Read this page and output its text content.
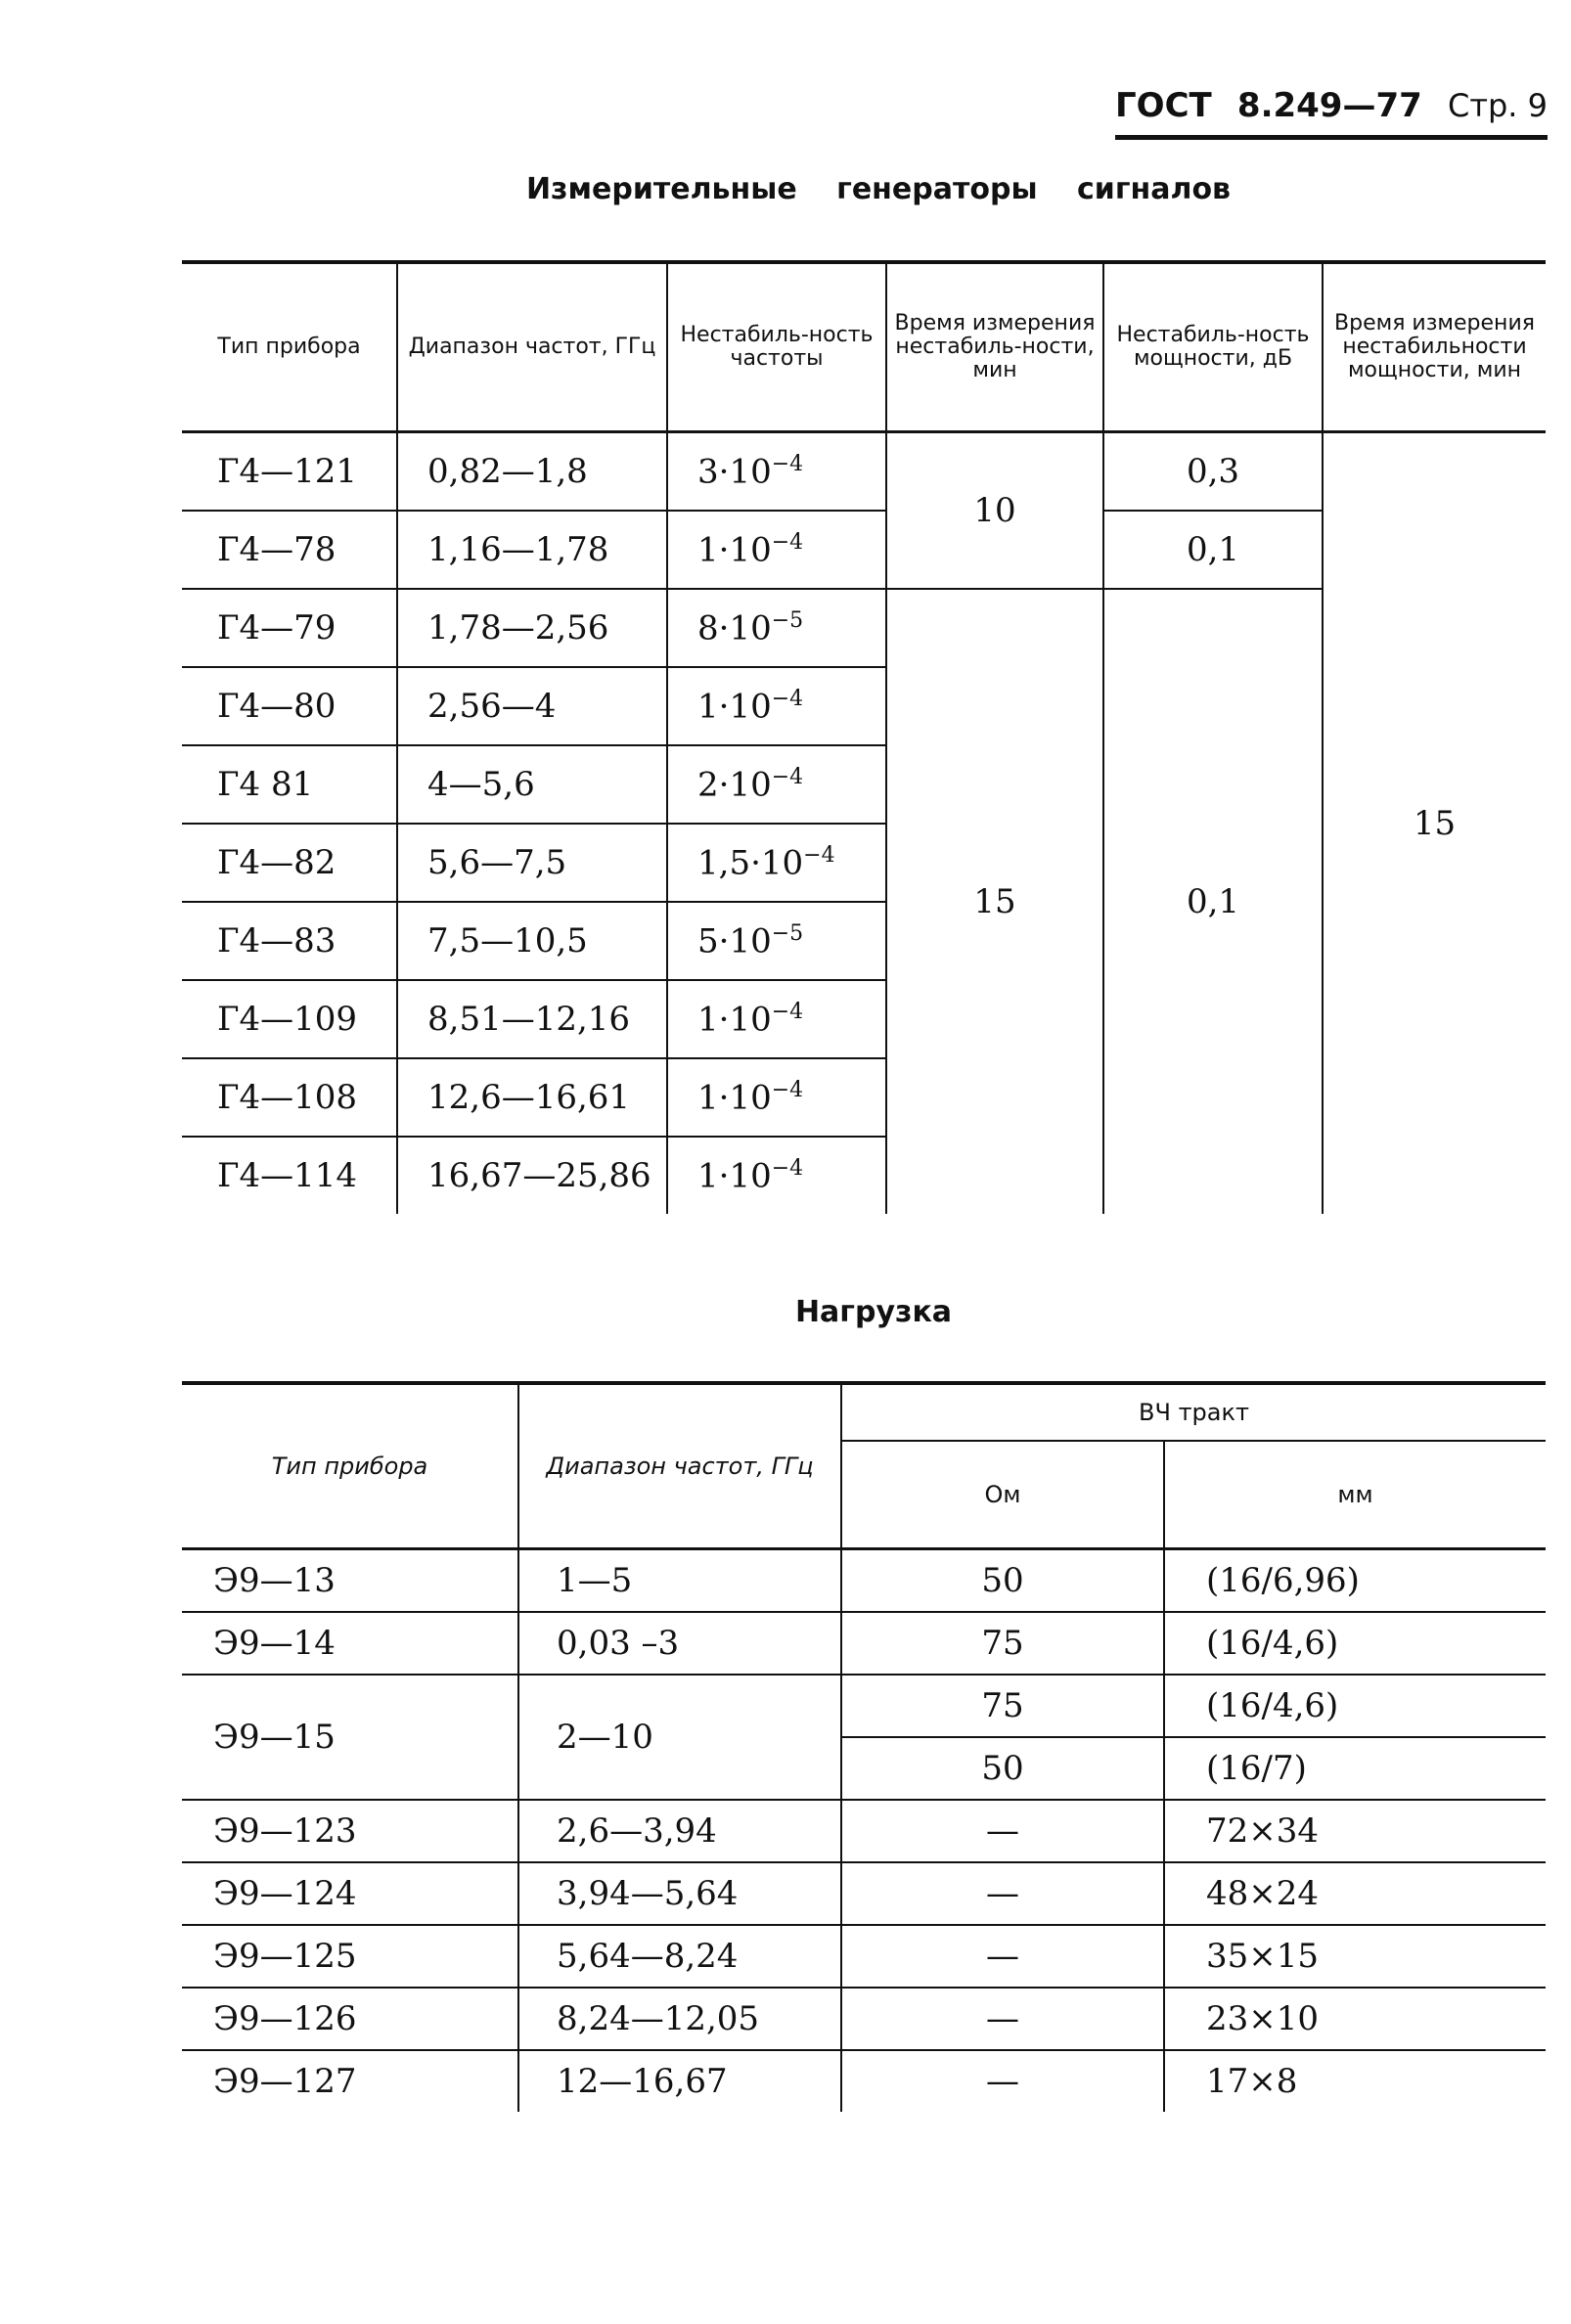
ГОСТ 8.249—77 Стр. 9
Измерительные генераторы сигналов
Тип прибора	Диапазон частот, ГГц	Нестабиль-ность частоты	Время измерения нестабиль-ности, мин	Нестабиль-ность мощности, дБ	Время измерения нестабильности мощности, мин
Г4—121	0,82—1,8	$3\cdot 10^{-4}$	10	0,3	15
Г4—78	1,16—1,78	$1\cdot 10^{-4}$		0,1	
Г4—79	1,78—2,56	$8\cdot 10^{-5}$	15	0,1	
Г4—80	2,56—4	$1\cdot 10^{-4}$
Г4 81	4—5,6	$2\cdot 10^{-4}$
Г4—82	5,6—7,5	$1,5\cdot 10^{-4}$
Г4—83	7,5—10,5	$5\cdot 10^{-5}$
Г4—109	8,51—12,16	$1\cdot 10^{-4}$
Г4—108	12,6—16,61	$1\cdot 10^{-4}$
Г4—114	16,67—25,86	$1\cdot 10^{-4}$
Нагрузка
Тип прибора	Диапазон частот, ГГц	ВЧ тракт	
		Ом	мм
Э9—13	1—5	50	(16/6,96)
Э9—14	0,03 –3	75	(16/4,6)
Э9—15	2—10	75	(16/4,6)
		50	(16/7)
Э9—123	2,6—3,94	—	72×34
Э9—124	3,94—5,64	—	48×24
Э9—125	5,64—8,24	—	35×15
Э9—126	8,24—12,05	—	23×10
Э9—127	12—16,67	—	17×8
